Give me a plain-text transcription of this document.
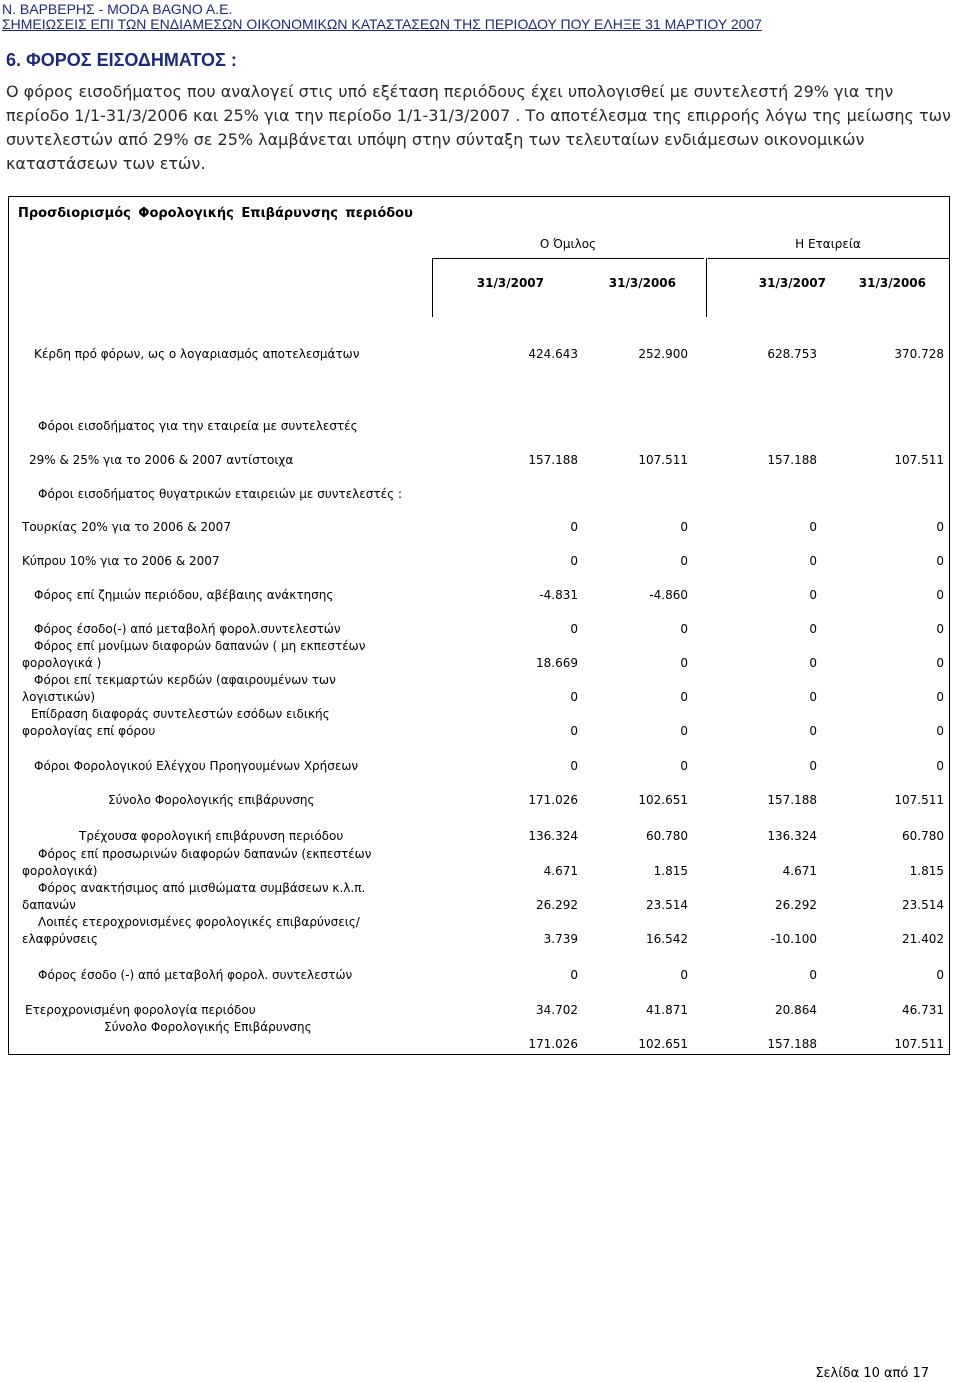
Ν. ΒΑΡΒΕΡΗΣ - MODA BAGNO A.E.
ΣΗΜΕΙΩΣΕΙΣ ΕΠΙ ΤΩΝ ΕΝΔΙΑΜΕΣΩΝ ΟΙΚΟΝΟΜΙΚΩΝ ΚΑΤΑΣΤΑΣΕΩΝ ΤΗΣ ΠΕΡΙΟΔΟΥ ΠΟΥ ΕΛΗΞΕ 31 ΜΑΡΤΙΟΥ 2007
6. ΦΟΡΟΣ ΕΙΣΟΔΗΜΑΤΟΣ :

Ο φόρος εισοδήματος που αναλογεί στις υπό εξέταση περιόδους έχει υπολογισθεί με συντελεστή 29% για την περίοδο 1/1-31/3/2006 και 25% για την περίοδο 1/1-31/3/2007 . Το αποτέλεσμα της επιρροής λόγω της μείωσης των συντελεστών από 29% σε 25% λαμβάνεται υπόψη στην σύνταξη των τελευταίων ενδιάμεσων οικονομικών καταστάσεων των ετών.

Προσδιορισμός Φορολογικής Επιβάρυνσης περιόδου
Ο Όμιλος	Η Εταιρεία
31/3/2007	31/3/2006	31/3/2007	31/3/2006
Κέρδη πρό φόρων, ως ο λογαριασμός αποτελεσμάτων	424.643	252.900	628.753	370.728
Φόροι εισοδήματος για την εταιρεία με συντελεστές
29% & 25% για το 2006 & 2007 αντίστοιχα	157.188	107.511	157.188	107.511
Φόροι εισοδήματος θυγατρικών εταιρειών με συντελεστές :
Τουρκίας 20% για το 2006 & 2007	0	0	0	0
Κύπρου 10% για το 2006 & 2007	0	0	0	0
Φόρος επί ζημιών περιόδου, αβέβαιης ανάκτησης	-4.831	-4.860	0	0
Φόρος έσοδο(-) από μεταβολή φορολ.συντελεστών	0	0	0	0
Φόρος επί μονίμων διαφορών δαπανών ( μη εκπεστέων
φορολογικά )	18.669	0	0	0
Φόροι επί τεκμαρτών κερδών (αφαιρουμένων των
λογιστικών)	0	0	0	0
Επίδραση διαφοράς συντελεστών εσόδων ειδικής
φορολογίας επί φόρου	0	0	0	0
Φόροι Φορολογικού Ελέγχου Προηγουμένων Χρήσεων	0	0	0	0
Σύνολο Φορολογικής επιβάρυνσης	171.026	102.651	157.188	107.511
Τρέχουσα φορολογική επιβάρυνση περιόδου	136.324	60.780	136.324	60.780
Φόρος επί προσωρινών διαφορών δαπανών (εκπεστέων
φορολογικά)	4.671	1.815	4.671	1.815
Φόρος ανακτήσιμος από μισθώματα συμβάσεων κ.λ.π.
δαπανών	26.292	23.514	26.292	23.514
Λοιπές ετεροχρονισμένες φορολογικές επιβαρύνσεις/
ελαφρύνσεις	3.739	16.542	-10.100	21.402
Φόρος έσοδο (-) από μεταβολή φορολ. συντελεστών	0	0	0	0
Ετεροχρονισμένη φορολογία περιόδου	34.702	41.871	20.864	46.731
Σύνολο Φορολογικής Επιβάρυνσης
171.026	102.651	157.188	107.511
Σελίδα 10 από 17
